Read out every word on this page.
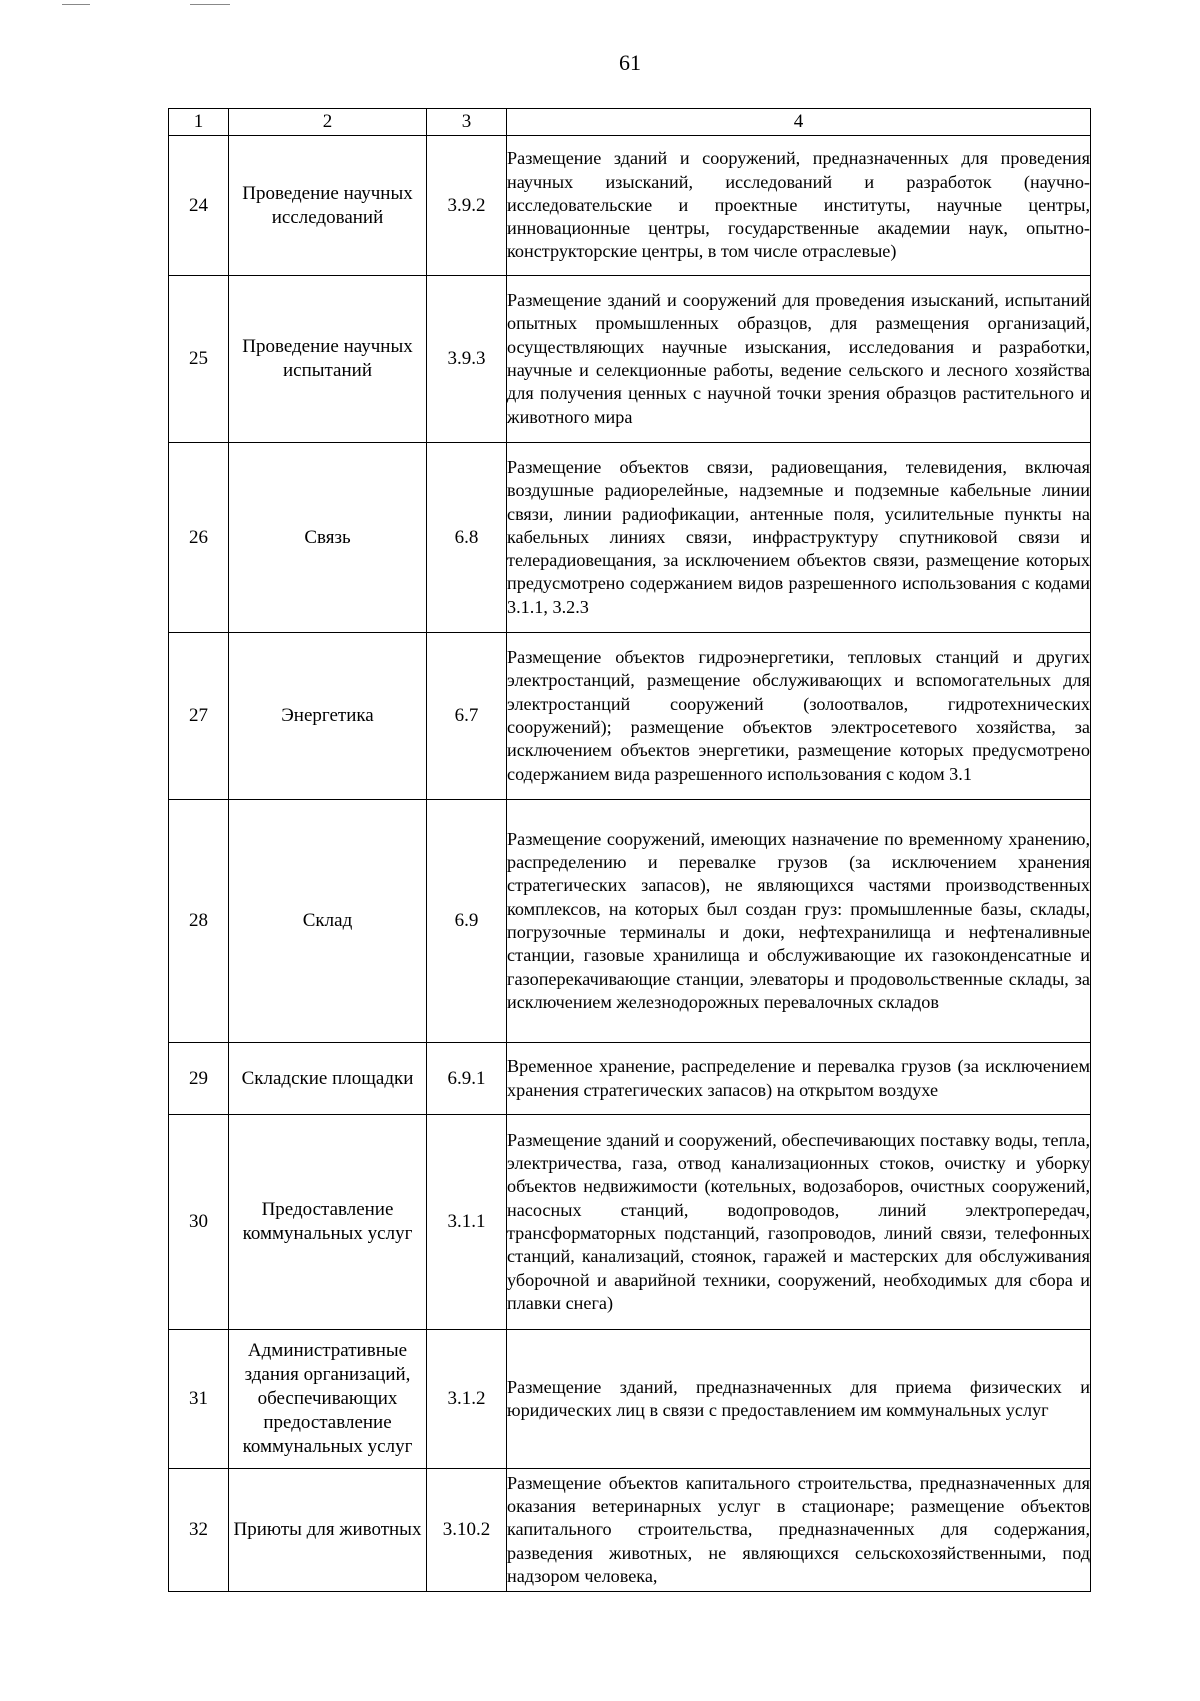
61
1	2	3	4
24	Проведение научных исследований	3.9.2	Размещение зданий и сооружений, предназначенных для проведения научных изысканий, исследований и разработок (научно-исследовательские и проектные институты, научные центры, инновационные центры, государственные академии наук, опытно-конструкторские центры, в том числе отраслевые)
25	Проведение научных испытаний	3.9.3	Размещение зданий и сооружений для проведения изысканий, испытаний опытных промышленных образцов, для размещения организаций, осуществляющих научные изыскания, исследования и разработки, научные и селекционные работы, ведение сельского и лесного хозяйства для получения ценных с научной точки зрения образцов растительного и животного мира
26	Связь	6.8	Размещение объектов связи, радиовещания, телевидения, включая воздушные радиорелейные, надземные и подземные кабельные линии связи, линии радиофикации, антенные поля, усилительные пункты на кабельных линиях связи, инфраструктуру спутниковой связи и телерадиовещания, за исключением объектов связи, размещение которых предусмотрено содержанием видов разрешенного использования с кодами 3.1.1, 3.2.3
27	Энергетика	6.7	Размещение объектов гидроэнергетики, тепловых станций и других электростанций, размещение обслуживающих и вспомогательных для электростанций сооружений (золоотвалов, гидротехнических сооружений); размещение объектов электросетевого хозяйства, за исключением объектов энергетики, размещение которых предусмотрено содержанием вида разрешенного использования с кодом 3.1
28	Склад	6.9	Размещение сооружений, имеющих назначение по временному хранению, распределению и перевалке грузов (за исключением хранения стратегических запасов), не являющихся частями производственных комплексов, на которых был создан груз: промышленные базы, склады, погрузочные терминалы и доки, нефтехранилища и нефтеналивные станции, газовые хранилища и обслуживающие их газоконденсатные и газоперекачивающие станции, элеваторы и продовольственные склады, за исключением железнодорожных перевалочных складов
29	Складские площадки	6.9.1	Временное хранение, распределение и перевалка грузов (за исключением хранения стратегических запасов) на открытом воздухе
30	Предоставление коммунальных услуг	3.1.1	Размещение зданий и сооружений, обеспечивающих поставку воды, тепла, электричества, газа, отвод канализационных стоков, очистку и уборку объектов недвижимости (котельных, водозаборов, очистных сооружений, насосных станций, водопроводов, линий электропередач, трансформаторных подстанций, газопроводов, линий связи, телефонных станций, канализаций, стоянок, гаражей и мастерских для обслуживания уборочной и аварийной техники, сооружений, необходимых для сбора и плавки снега)
31	Административные здания организаций, обеспечивающих предоставление коммунальных услуг	3.1.2	Размещение зданий, предназначенных для приема физических и юридических лиц в связи с предоставлением им коммунальных услуг
32	Приюты для животных	3.10.2	Размещение объектов капитального строительства, предназначенных для оказания ветеринарных услуг в стационаре; размещение объектов капитального строительства, предназначенных для содержания, разведения животных, не являющихся сельскохозяйственными, под надзором человека,
